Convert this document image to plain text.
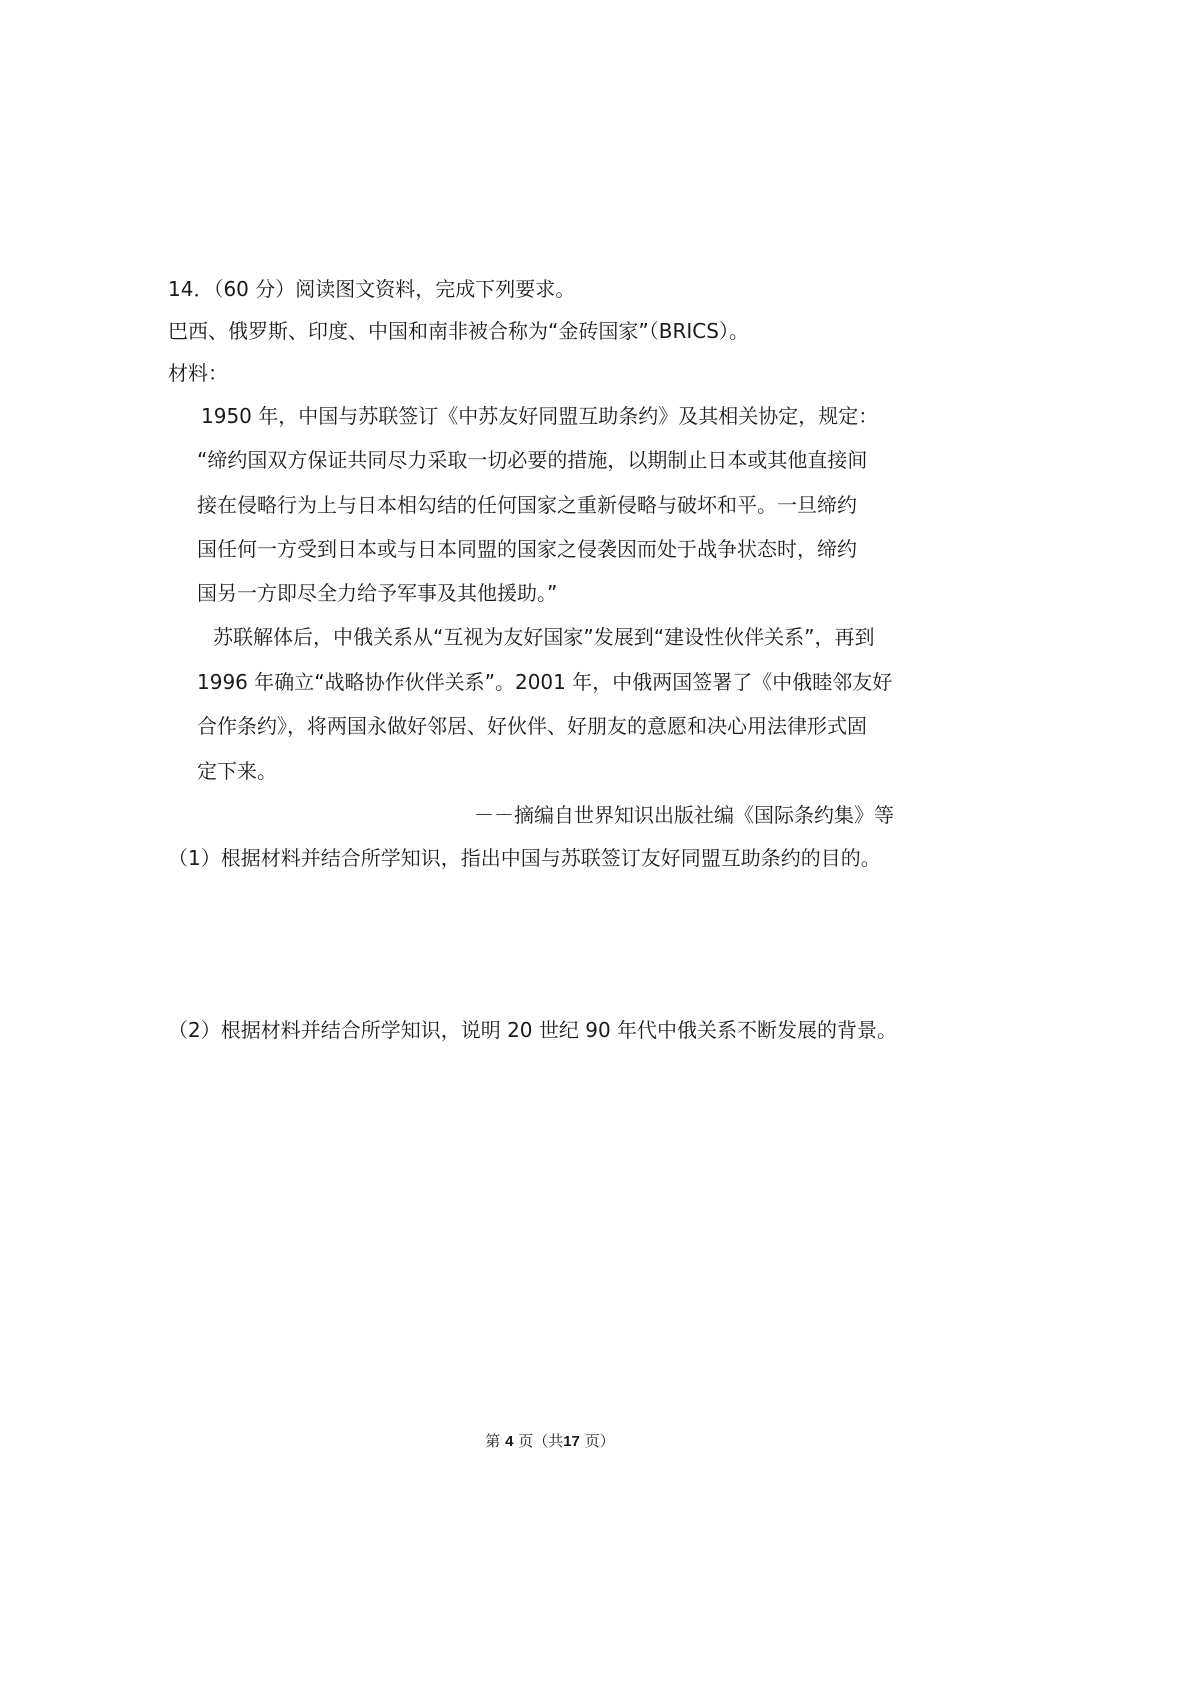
14．（60 分）阅读图文资料，完成下列要求。
巴西、俄罗斯、印度、中国和南非被合称为“金砖国家”（BRICS）。
材料：
1950 年，中国与苏联签订《中苏友好同盟互助条约》及其相关协定，规定：
“缔约国双方保证共同尽力采取一切必要的措施，以期制止日本或其他直接间
接在侵略行为上与日本相勾结的任何国家之重新侵略与破坏和平。一旦缔约
国任何一方受到日本或与日本同盟的国家之侵袭因而处于战争状态时，缔约
国另一方即尽全力给予军事及其他援助。”
苏联解体后，中俄关系从“互视为友好国家”发展到“建设性伙伴关系”，再到
1996 年确立“战略协作伙伴关系”。2001 年，中俄两国签署了《中俄睦邻友好
合作条约》，将两国永做好邻居、好伙伴、好朋友的意愿和决心用法律形式固
定下来。
－－摘编自世界知识出版社编《国际条约集》等
（1）根据材料并结合所学知识，指出中国与苏联签订友好同盟互助条约的目的。
（2）根据材料并结合所学知识，说明 20 世纪 90 年代中俄关系不断发展的背景。
第 4 页（共17 页）
